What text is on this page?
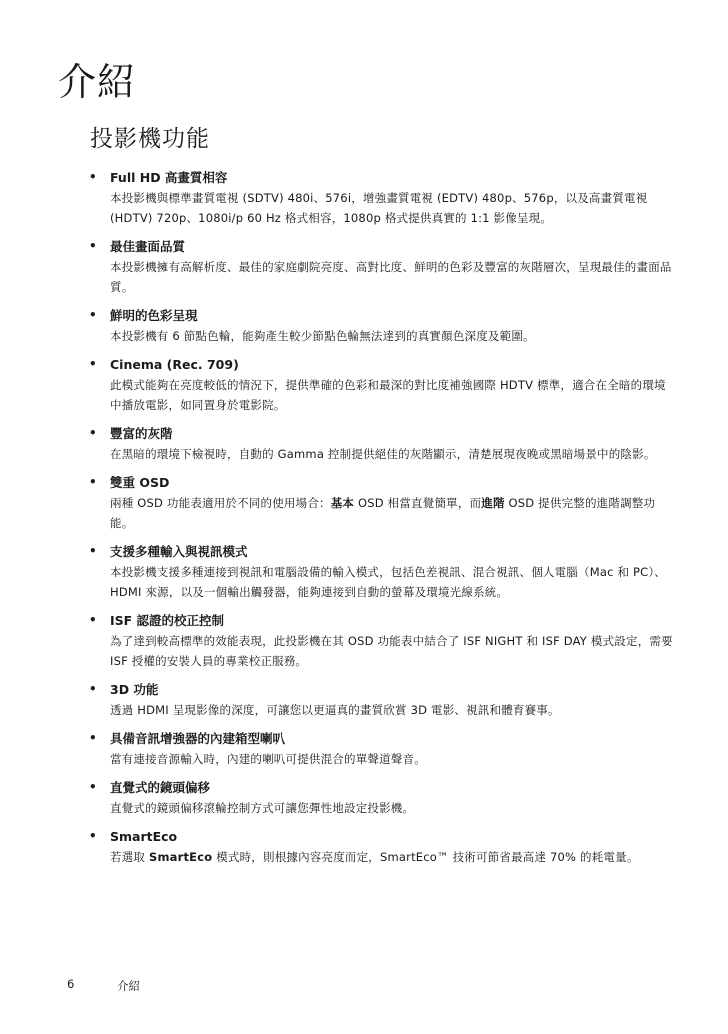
介紹
投影機功能
• Full HD 高畫質相容

本投影機與標準畫質電視 (SDTV) 480i、576i，增強畫質電視 (EDTV) 480p、576p，以及高畫質電視 (HDTV) 720p、1080i/p 60 Hz 格式相容，1080p 格式提供真實的 1:1 影像呈現。

• 最佳畫面品質

本投影機擁有高解析度、最佳的家庭劇院亮度、高對比度、鮮明的色彩及豐富的灰階層次，呈現最佳的畫面品質。

• 鮮明的色彩呈現

本投影機有 6 節點色輪，能夠產生較少節點色輪無法達到的真實顏色深度及範圍。

• Cinema (Rec. 709)

此模式能夠在亮度較低的情況下，提供準確的色彩和最深的對比度補強國際 HDTV 標準，適合在全暗的環境中播放電影，如同置身於電影院。

• 豐富的灰階

在黑暗的環境下檢視時，自動的 Gamma 控制提供絕佳的灰階顯示，清楚展現夜晚或黑暗場景中的陰影。

• 雙重 OSD

兩種 OSD 功能表適用於不同的使用場合：基本 OSD 相當直覺簡單，而進階 OSD 提供完整的進階調整功能。

• 支援多種輸入與視訊模式

本投影機支援多種連接到視訊和電腦設備的輸入模式，包括色差視訊、混合視訊、個人電腦（Mac 和 PC）、HDMI 來源，以及一個輸出觸發器，能夠連接到自動的螢幕及環境光線系統。

• ISF 認證的校正控制

為了達到較高標準的效能表現，此投影機在其 OSD 功能表中結合了 ISF NIGHT 和 ISF DAY 模式設定，需要 ISF 授權的安裝人員的專業校正服務。

• 3D 功能

透過 HDMI 呈現影像的深度，可讓您以更逼真的畫質欣賞 3D 電影、視訊和體育賽事。

• 具備音訊增強器的內建箱型喇叭

當有連接音源輸入時，內建的喇叭可提供混合的單聲道聲音。

• 直覺式的鏡頭偏移

直覺式的鏡頭偏移滾輪控制方式可讓您彈性地設定投影機。

• SmartEco

若選取 SmartEco 模式時，則根據內容亮度而定，SmartEco™ 技術可節省最高達 70% 的耗電量。

6	介紹
